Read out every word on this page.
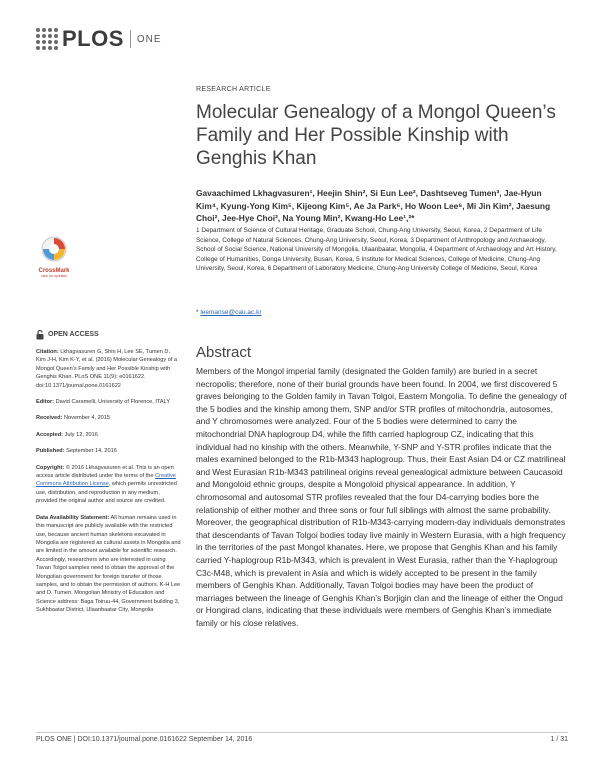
PLOS ONE
RESEARCH ARTICLE
Molecular Genealogy of a Mongol Queen’s Family and Her Possible Kinship with Genghis Khan
Gavaachimed Lkhagvasuren¹, Heejin Shin², Si Eun Lee², Dashtseveg Tumen³, Jae-Hyun Kim⁴, Kyung-Yong Kim⁵, Kijeong Kim⁵, Ae Ja Park⁶, Ho Woon Lee⁶, Mi Jin Kim², Jaesung Choi², Jee-Hye Choi², Na Young Min², Kwang-Ho Lee¹,²*
1 Department of Science of Cultural Heritage, Graduate School, Chung-Ang University, Seoul, Korea, 2 Department of Life Science, College of Natural Sciences, Chung-Ang University, Seoul, Korea, 3 Department of Anthropology and Archaeology, School of Social Science, National University of Mongolia, Ulaanbaatar, Mongolia, 4 Department of Archaeology and Art History, College of Humanities, Donga University, Busan, Korea, 5 Institute for Medical Sciences, College of Medicine, Chung-Ang University, Seoul, Korea, 6 Department of Laboratory Medicine, Chung-Ang University College of Medicine, Seoul, Korea
* leemanse@cau.ac.kr
CrossMark
click for updates
OPEN ACCESS

Citation: Lkhagvasuren G, Shin H, Lee SE, Tumen D, Kim J-H, Kim K-Y, et al. (2016) Molecular Genealogy of a Mongol Queen’s Family and Her Possible Kinship with Genghis Khan. PLoS ONE 11(9): e0161622. doi:10.1371/journal.pone.0161622

Editor: David Caramelli, University of Florence, ITALY

Received: November 4, 2015

Accepted: July 12, 2016

Published: September 14, 2016

Copyright: © 2016 Lkhagvasuren et al. This is an open access article distributed under the terms of the Creative Commons Attribution License, which permits unrestricted use, distribution, and reproduction in any medium, provided the original author and source are credited.

Data Availability Statement: All human remains used in this manuscript are publicly available with the restricted use, because ancient human skeletons excavated in Mongolia are registered as cultural assets in Mongolia and are limited in the amount available for scientific research. Accordingly, researchers who are interested in using Tavan Tolgoi samples need to obtain the approval of the Mongolian government for foreign transfer of those samples, and to obtain the permission of authors, K-H Lee and D. Tumen. Mongolian Ministry of Education and Science address: Baga Toiruu-44, Government building 3, Sukhbaatar District, Ulaanbaatar City, Mongolia

Abstract
Members of the Mongol imperial family (designated the Golden family) are buried in a secret necropolis; therefore, none of their burial grounds have been found. In 2004, we first discovered 5 graves belonging to the Golden family in Tavan Tolgoi, Eastern Mongolia. To define the genealogy of the 5 bodies and the kinship among them, SNP and/or STR profiles of mitochondria, autosomes, and Y chromosomes were analyzed. Four of the 5 bodies were determined to carry the mitochondrial DNA haplogroup D4, while the fifth carried haplogroup CZ, indicating that this individual had no kinship with the others. Meanwhile, Y-SNP and Y-STR profiles indicate that the males examined belonged to the R1b-M343 haplogroup. Thus, their East Asian D4 or CZ matrilineal and West Eurasian R1b-M343 patrilineal origins reveal genealogical admixture between Caucasoid and Mongoloid ethnic groups, despite a Mongoloid physical appearance. In addition, Y chromosomal and autosomal STR profiles revealed that the four D4-carrying bodies bore the relationship of either mother and three sons or four full siblings with almost the same probability. Moreover, the geographical distribution of R1b-M343-carrying modern-day individuals demonstrates that descendants of Tavan Tolgoi bodies today live mainly in Western Eurasia, with a high frequency in the territories of the past Mongol khanates. Here, we propose that Genghis Khan and his family carried Y-haplogroup R1b-M343, which is prevalent in West Eurasia, rather than the Y-haplogroup C3c-M48, which is prevalent in Asia and which is widely accepted to be present in the family members of Genghis Khan. Additionally, Tavan Tolgoi bodies may have been the product of marriages between the lineage of Genghis Khan’s Borjigin clan and the lineage of either the Ongud or Hongirad clans, indicating that these individuals were members of Genghis Khan’s immediate family or his close relatives.
PLOS ONE | DOI:10.1371/journal.pone.0161622 September 14, 2016	1 / 31
